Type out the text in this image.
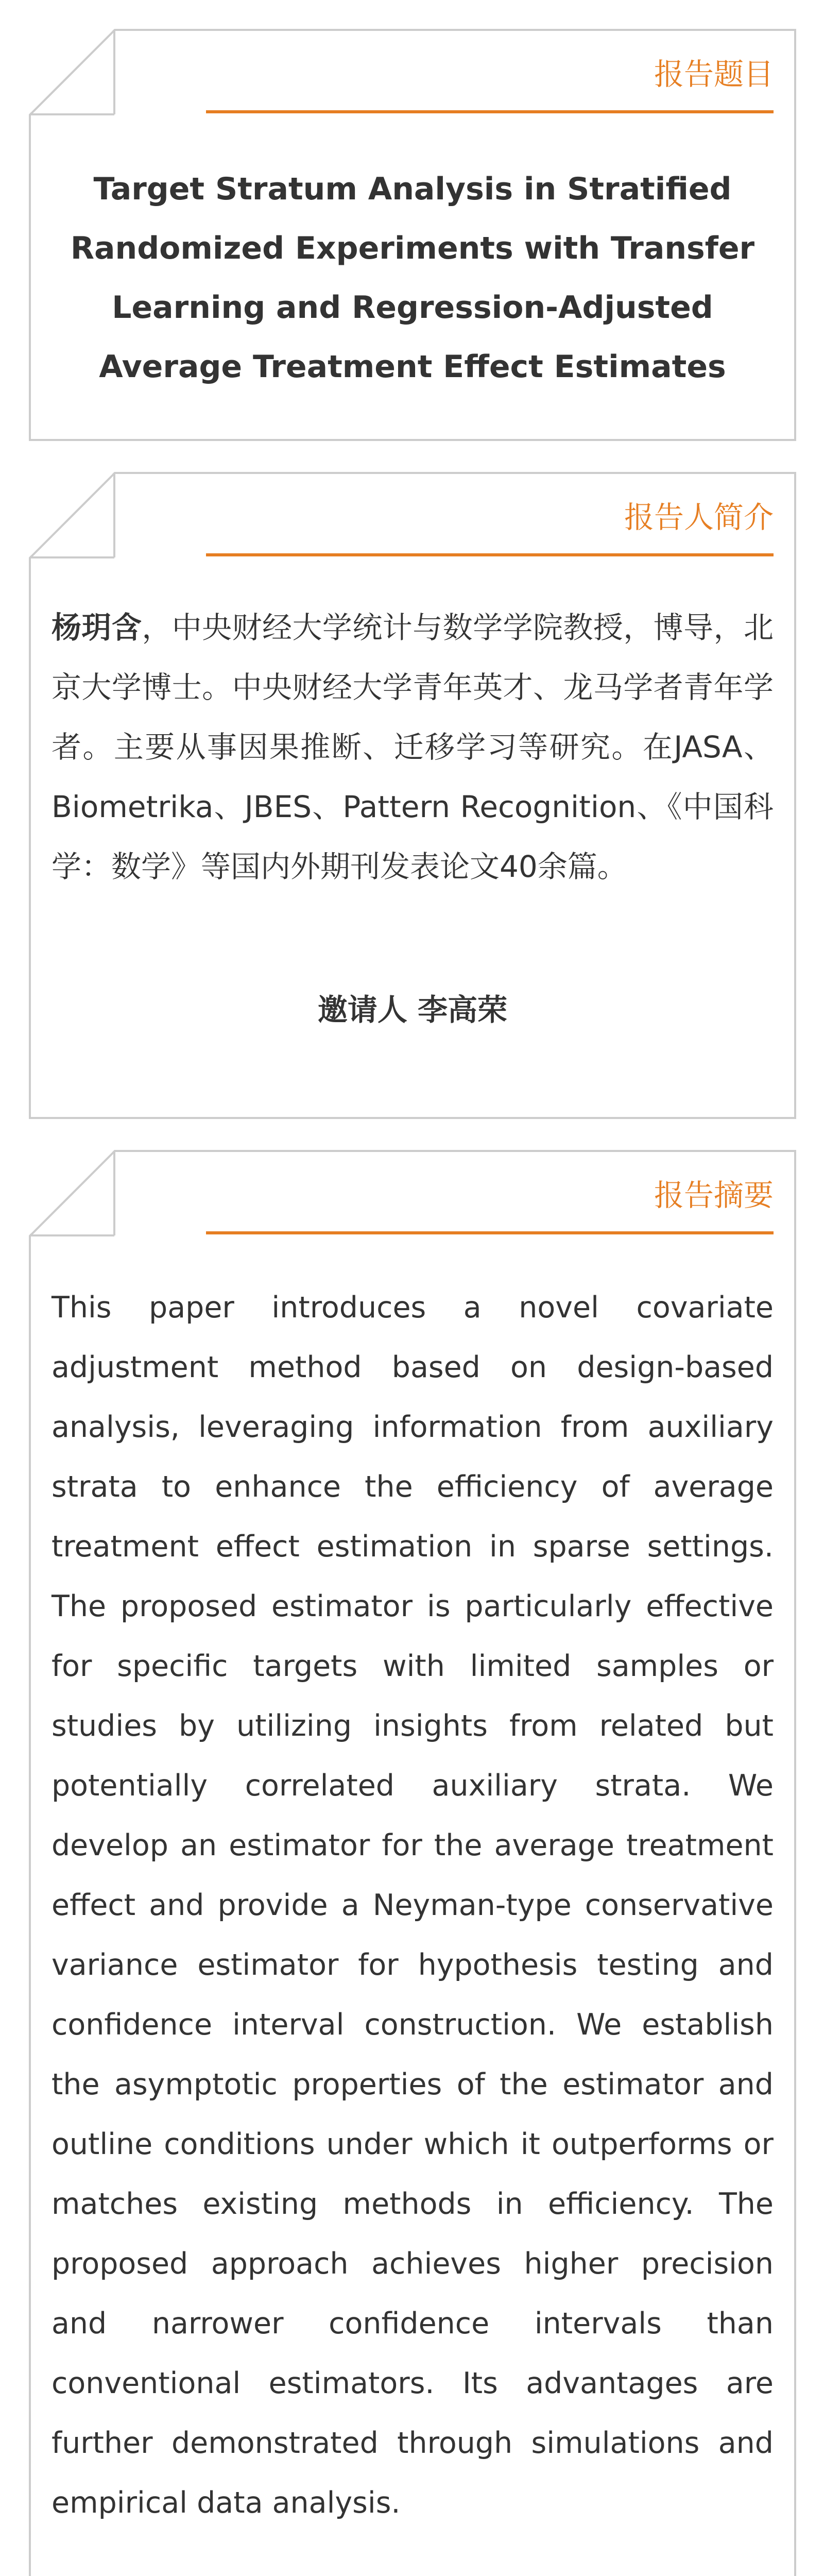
报告题目
Target Stratum Analysis in Stratified Randomized Experiments with Transfer Learning and Regression-Adjusted Average Treatment Effect Estimates
报告人简介
杨玥含，中央财经大学统计与数学学院教授，博导，北京大学博士。中央财经大学青年英才、龙马学者青年学者。主要从事因果推断、迁移学习等研究。在JASA、Biometrika、JBES、Pattern Recognition、《中国科学：数学》等国内外期刊发表论文40余篇。
邀请人 李高荣
报告摘要
This paper introduces a novel covariate adjustment method based on design-based analysis, leveraging information from auxiliary strata to enhance the efficiency of average treatment effect estimation in sparse settings. The proposed estimator is particularly effective for specific targets with limited samples or studies by utilizing insights from related but potentially correlated auxiliary strata. We develop an estimator for the average treatment effect and provide a Neyman-type conservative variance estimator for hypothesis testing and confidence interval construction. We establish the asymptotic properties of the estimator and outline conditions under which it outperforms or matches existing methods in efficiency. The proposed approach achieves higher precision and narrower confidence intervals than conventional estimators. Its advantages are further demonstrated through simulations and empirical data analysis.
